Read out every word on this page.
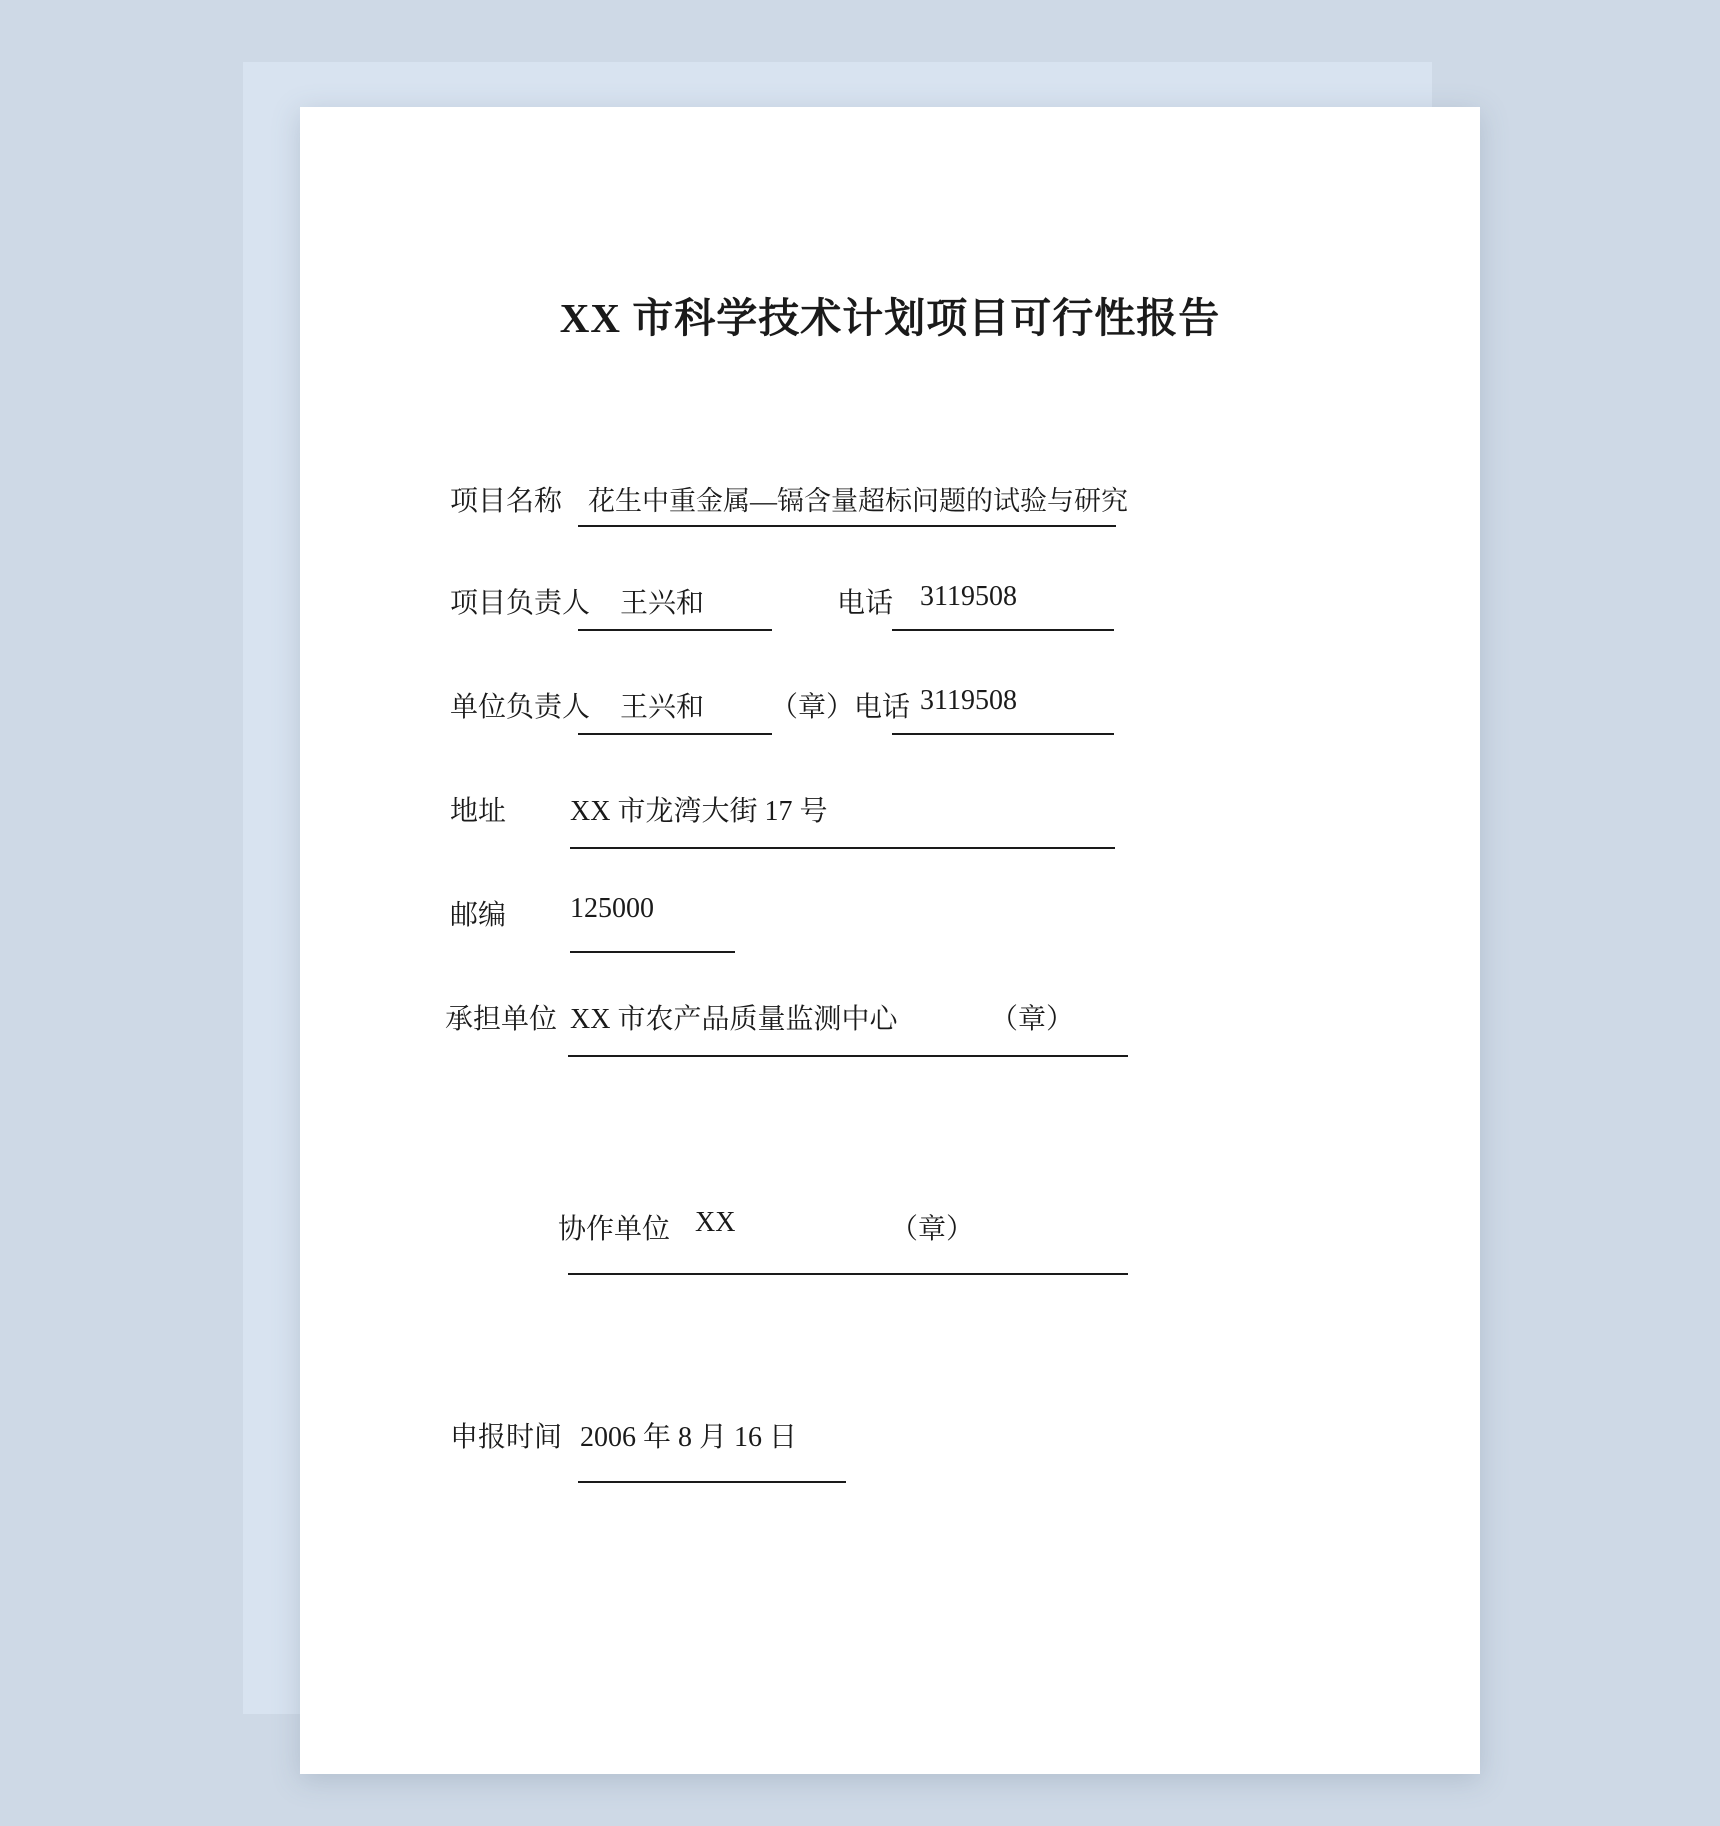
XX 市科学技术计划项目可行性报告
项目名称 花生中重金属—镉含量超标问题的试验与研究
项目负责人 王兴和	电话 3119508
单位负责人 王兴和 （章）电话 3119508
地址 XX 市龙湾大街 17 号
邮编 125000
承担单位 XX 市农产品质量监测中心	（章）
协作单位 XX	（章）
申报时间 2006 年 8 月 16 日
